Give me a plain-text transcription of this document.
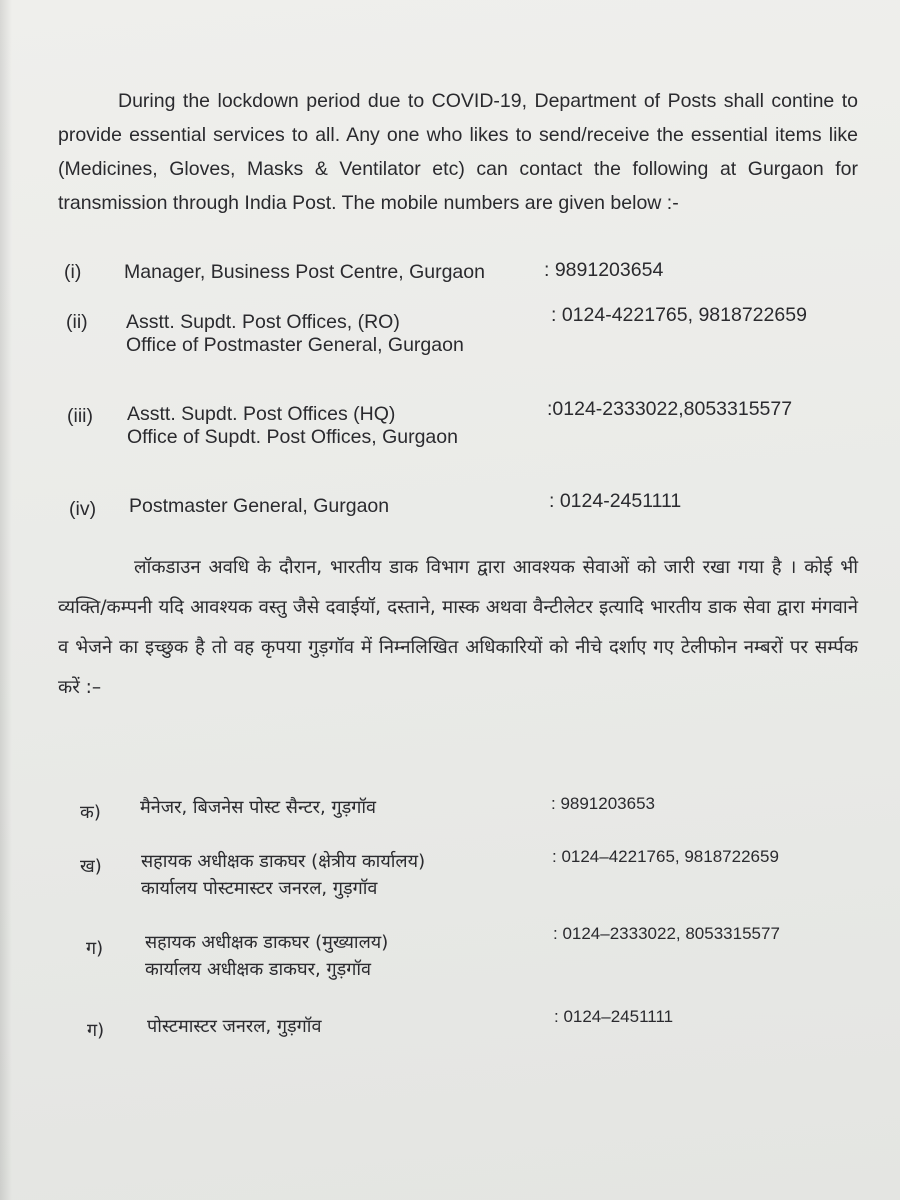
During the lockdown period due to COVID-19, Department of Posts shall contine to provide essential services to all. Any one who likes to send/receive the essential items like (Medicines, Gloves, Masks & Ventilator etc) can contact the following at Gurgaon for transmission through India Post. The mobile numbers are given below :-

(i) Manager, Business Post Centre, Gurgaon	: 9891203654
(ii) Asstt. Supdt. Post Offices, (RO)
Office of Postmaster General, Gurgaon
: 0124-4221765, 9818722659
(iii) Asstt. Supdt. Post Offices (HQ)
Office of Supdt. Post Offices, Gurgaon
:0124-2333022,8053315577
(iv) Postmaster General, Gurgaon	: 0124-2451111

लॉकडाउन अवधि के दौरान, भारतीय डाक विभाग द्वारा आवश्यक सेवाओं को जारी रखा गया है । कोई भी व्यक्ति/कम्पनी यदि आवश्यक वस्तु जैसे दवाईयॉ, दस्ताने, मास्क अथवा वैन्टीलेटर इत्यादि भारतीय डाक सेवा द्वारा मंगवाने व भेजने का इच्छुक है तो वह कृपया गुड़गॉव में निम्नलिखित अधिकारियों को नीचे दर्शाए गए टेलीफोन नम्बरों पर सर्म्पक करें :–

क) मैनेजर, बिजनेस पोस्ट सैन्टर, गुड़गॉव	: 9891203653
ख) सहायक अधीक्षक डाकघर (क्षेत्रीय कार्यालय)
कार्यालय पोस्टमास्टर जनरल, गुड़गॉव
: 0124–4221765, 9818722659
ग) सहायक अधीक्षक डाकघर (मुख्यालय)
कार्यालय अधीक्षक डाकघर, गुड़गॉव
: 0124–2333022, 8053315577
ग) पोस्टमास्टर जनरल, गुड़गॉव	: 0124–2451111
